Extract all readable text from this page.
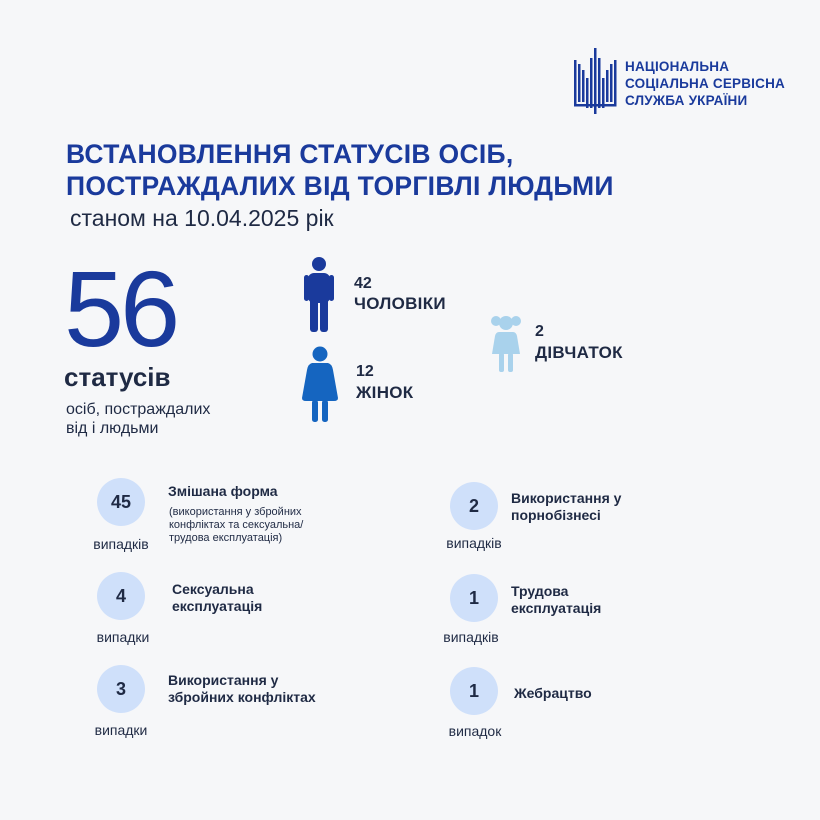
НАЦІОНАЛЬНА
СОЦІАЛЬНА СЕРВІСНА
СЛУЖБА УКРАЇНИ
ВСТАНОВЛЕННЯ СТАТУСІВ ОСІБ,
ПОСТРАЖДАЛИХ ВІД ТОРГІВЛІ ЛЮДЬМИ
станом на 10.04.2025 рік
56
статусів
осіб, постраждалих
від і людьми
42
ЧОЛОВІКИ
12
ЖІНОК
2
ДІВЧАТОК
45
випадків
Змішана форма
(використання у збройних
конфліктах та сексуальна/
трудова експлуатація)
2
випадків
Використання у
порнобізнесі
4
випадки
Сексуальна
експлуатація	1
випадків
Трудова
експлуатація
3
випадки
Використання у
збройних конфліктах	1
випадок
Жебрацтво
